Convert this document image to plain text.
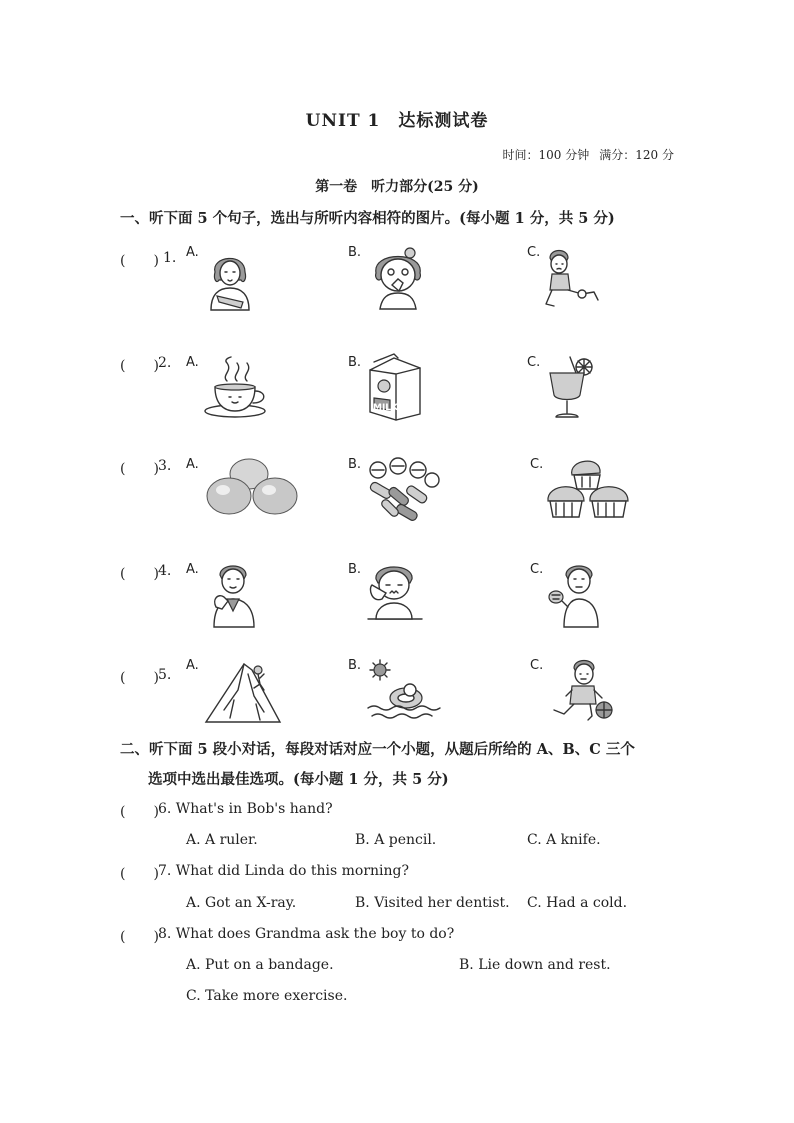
UNIT 1 达标测试卷
时间：100 分钟 满分：120 分
第一卷　听力部分(25 分)
一、听下面 5 个句子，选出与所听内容相符的图片。(每小题 1 分，共 5 分)
(　　) 1. A.	B.	C.
(　　) 2. A.	B.	C.
MILK
(　　) 3. A.	B.	C.
(　　) 4. A.	B.	C.
(　　) 5.
A.	B.	C.
二、听下面 5 段小对话，每段对话对应一个小题，从题后所给的 A、B、C 三个
选项中选出最佳选项。(每小题 1 分，共 5 分)
(　　) 6. What's in Bob's hand?
A. A ruler.	B. A pencil.	C. A knife.
(　　) 7. What did Linda do this morning?
A. Got an X-ray.	B. Visited her dentist. C. Had a cold.
(　　) 8. What does Grandma ask the boy to do?
A. Put on a bandage.	B. Lie down and rest.
C. Take more exercise.
